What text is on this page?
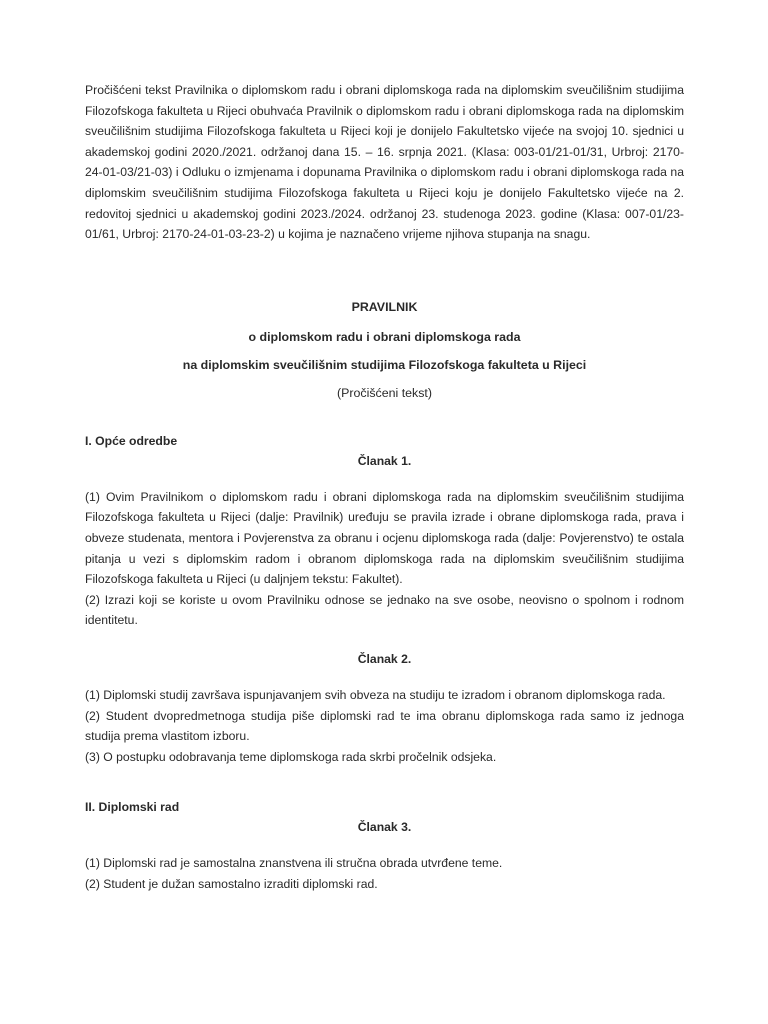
Pročišćeni tekst Pravilnika o diplomskom radu i obrani diplomskoga rada na diplomskim sveučilišnim studijima Filozofskoga fakulteta u Rijeci obuhvaća Pravilnik o diplomskom radu i obrani diplomskoga rada na diplomskim sveučilišnim studijima Filozofskoga fakulteta u Rijeci koji je donijelo Fakultetsko vijeće na svojoj 10. sjednici u akademskoj godini 2020./2021. održanoj dana 15. – 16. srpnja 2021. (Klasa: 003-01/21-01/31, Urbroj: 2170-24-01-03/21-03) i Odluku o izmjenama i dopunama Pravilnika o diplomskom radu i obrani diplomskoga rada na diplomskim sveučilišnim studijima Filozofskoga fakulteta u Rijeci koju je donijelo Fakultetsko vijeće na 2. redovitoj sjednici u akademskoj godini 2023./2024. održanoj 23. studenoga 2023. godine (Klasa: 007-01/23-01/61, Urbroj: 2170-24-01-03-23-2) u kojima je naznačeno vrijeme njihova stupanja na snagu.

PRAVILNIK

o diplomskom radu i obrani diplomskoga rada

na diplomskim sveučilišnim studijima Filozofskoga fakulteta u Rijeci

(Pročišćeni tekst)

I. Opće odredbe

Članak 1.

(1) Ovim Pravilnikom o diplomskom radu i obrani diplomskoga rada na diplomskim sveučilišnim studijima Filozofskoga fakulteta u Rijeci (dalje: Pravilnik) uređuju se pravila izrade i obrane diplomskoga rada, prava i obveze studenata, mentora i Povjerenstva za obranu i ocjenu diplomskoga rada (dalje: Povjerenstvo) te ostala pitanja u vezi s diplomskim radom i obranom diplomskoga rada na diplomskim sveučilišnim studijima Filozofskoga fakulteta u Rijeci (u daljnjem tekstu: Fakultet).

(2) Izrazi koji se koriste u ovom Pravilniku odnose se jednako na sve osobe, neovisno o spolnom i rodnom identitetu.

Članak 2.

(1) Diplomski studij završava ispunjavanjem svih obveza na studiju te izradom i obranom diplomskoga rada.

(2) Student dvopredmetnoga studija piše diplomski rad te ima obranu diplomskoga rada samo iz jednoga studija prema vlastitom izboru.

(3) O postupku odobravanja teme diplomskoga rada skrbi pročelnik odsjeka.

II. Diplomski rad

Članak 3.

(1) Diplomski rad je samostalna znanstvena ili stručna obrada utvrđene teme.

(2) Student je dužan samostalno izraditi diplomski rad.
